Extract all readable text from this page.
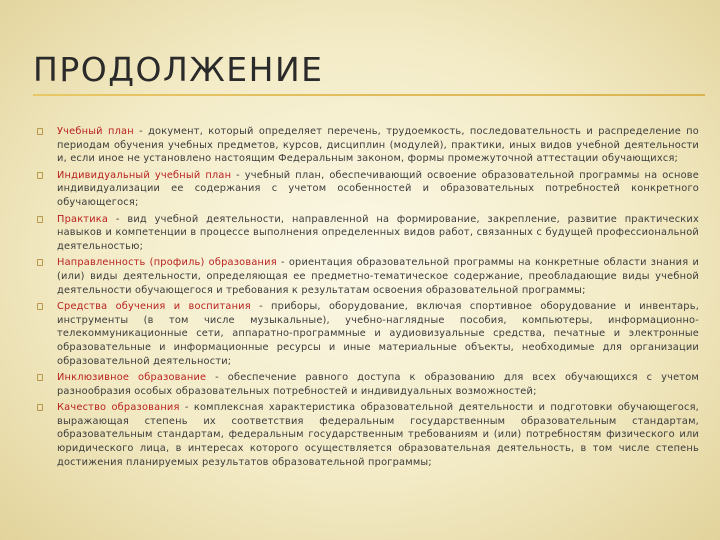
ПРОДОЛЖЕНИЕ
Учебный план - документ, который определяет перечень, трудоемкость, последовательность и распределение по периодам обучения учебных предметов, курсов, дисциплин (модулей), практики, иных видов учебной деятельности и, если иное не установлено настоящим Федеральным законом, формы промежуточной аттестации обучающихся;
Индивидуальный учебный план - учебный план, обеспечивающий освоение образовательной программы на основе индивидуализации ее содержания с учетом особенностей и образовательных потребностей конкретного обучающегося;
Практика - вид учебной деятельности, направленной на формирование, закрепление, развитие практических навыков и компетенции в процессе выполнения определенных видов работ, связанных с будущей профессиональной деятельностью;
Направленность (профиль) образования - ориентация образовательной программы на конкретные области знания и (или) виды деятельности, определяющая ее предметно-тематическое содержание, преобладающие виды учебной деятельности обучающегося и требования к результатам освоения образовательной программы;
Средства обучения и воспитания - приборы, оборудование, включая спортивное оборудование и инвентарь, инструменты (в том числе музыкальные), учебно-наглядные пособия, компьютеры, информационно-телекоммуникационные сети, аппаратно-программные и аудиовизуальные средства, печатные и электронные образовательные и информационные ресурсы и иные материальные объекты, необходимые для организации образовательной деятельности;
Инклюзивное образование - обеспечение равного доступа к образованию для всех обучающихся с учетом разнообразия особых образовательных потребностей и индивидуальных возможностей;
Качество образования - комплексная характеристика образовательной деятельности и подготовки обучающегося, выражающая степень их соответствия федеральным государственным образовательным стандартам, образовательным стандартам, федеральным государственным требованиям и (или) потребностям физического или юридического лица, в интересах которого осуществляется образовательная деятельность, в том числе степень достижения планируемых результатов образовательной программы;
